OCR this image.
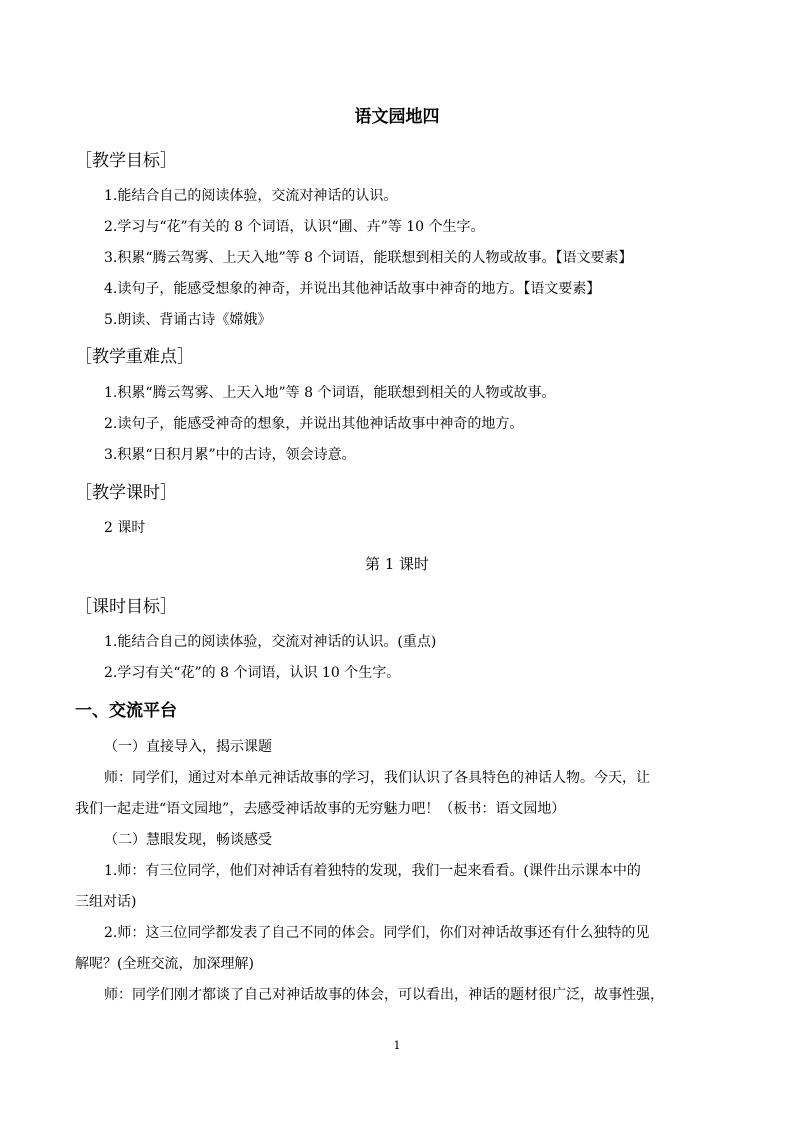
语文园地四
［教学目标］
1.能结合自己的阅读体验，交流对神话的认识。
2.学习与“花”有关的 8 个词语，认识“圃、卉”等 10 个生字。
3.积累“腾云驾雾、上天入地”等 8 个词语，能联想到相关的人物或故事。【语文要素】
4.读句子，能感受想象的神奇，并说出其他神话故事中神奇的地方。【语文要素】
5.朗读、背诵古诗《嫦娥》
［教学重难点］
1.积累“腾云驾雾、上天入地”等 8 个词语，能联想到相关的人物或故事。
2.读句子，能感受神奇的想象，并说出其他神话故事中神奇的地方。
3.积累“日积月累”中的古诗，领会诗意。
［教学课时］
2 课时
第 1 课时
［课时目标］
1.能结合自己的阅读体验，交流对神话的认识。(重点)
2.学习有关“花”的 8 个词语，认识 10 个生字。
一、交流平台
（一）直接导入，揭示课题
师：同学们，通过对本单元神话故事的学习，我们认识了各具特色的神话人物。今天，让
我们一起走进“语文园地”，去感受神话故事的无穷魅力吧！（板书：语文园地）
（二）慧眼发现，畅谈感受
1.师：有三位同学，他们对神话有着独特的发现，我们一起来看看。(课件出示课本中的
三组对话)
2.师：这三位同学都发表了自己不同的体会。同学们，你们对神话故事还有什么独特的见
解呢？(全班交流，加深理解)
师：同学们刚才都谈了自己对神话故事的体会，可以看出，神话的题材很广泛，故事性强，
1
